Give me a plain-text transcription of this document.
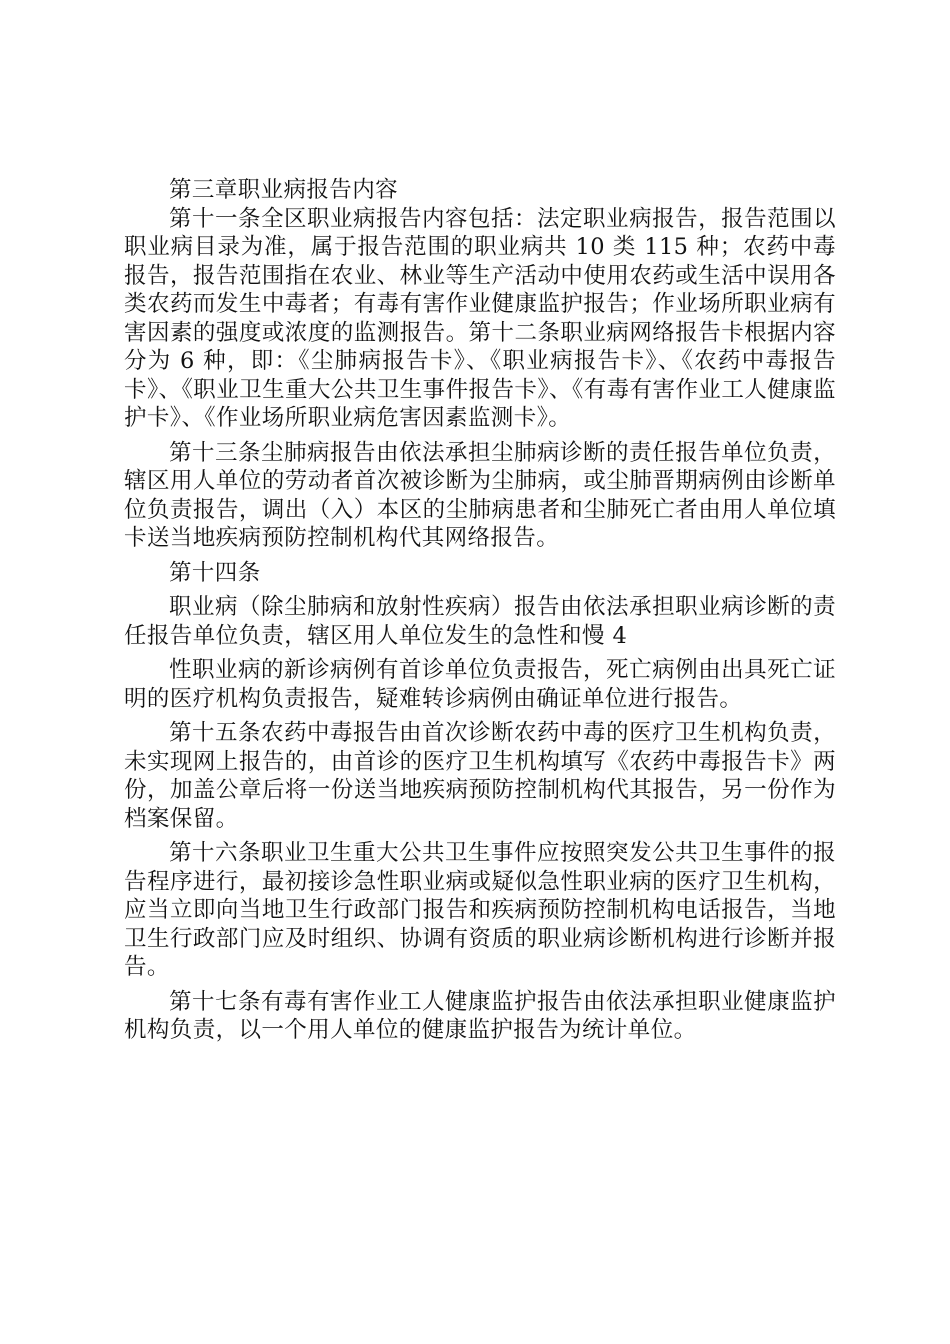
第三章职业病报告内容

第十一条全区职业病报告内容包括：法定职业病报告，报告范围以职业病目录为准，属于报告范围的职业病共 10 类 115 种；农药中毒报告，报告范围指在农业、林业等生产活动中使用农药或生活中误用各类农药而发生中毒者；有毒有害作业健康监护报告；作业场所职业病有害因素的强度或浓度的监测报告。第十二条职业病网络报告卡根据内容分为 6 种，即：《尘肺病报告卡》、《职业病报告卡》、《农药中毒报告卡》、《职业卫生重大公共卫生事件报告卡》、《有毒有害作业工人健康监护卡》、《作业场所职业病危害因素监测卡》。

第十三条尘肺病报告由依法承担尘肺病诊断的责任报告单位负责，辖区用人单位的劳动者首次被诊断为尘肺病，或尘肺晋期病例由诊断单位负责报告，调出（入）本区的尘肺病患者和尘肺死亡者由用人单位填卡送当地疾病预防控制机构代其网络报告。

第十四条

职业病（除尘肺病和放射性疾病）报告由依法承担职业病诊断的责任报告单位负责，辖区用人单位发生的急性和慢 4

性职业病的新诊病例有首诊单位负责报告，死亡病例由出具死亡证明的医疗机构负责报告，疑难转诊病例由确证单位进行报告。

第十五条农药中毒报告由首次诊断农药中毒的医疗卫生机构负责，未实现网上报告的，由首诊的医疗卫生机构填写《农药中毒报告卡》两份，加盖公章后将一份送当地疾病预防控制机构代其报告，另一份作为档案保留。

第十六条职业卫生重大公共卫生事件应按照突发公共卫生事件的报告程序进行，最初接诊急性职业病或疑似急性职业病的医疗卫生机构，应当立即向当地卫生行政部门报告和疾病预防控制机构电话报告，当地卫生行政部门应及时组织、协调有资质的职业病诊断机构进行诊断并报告。

第十七条有毒有害作业工人健康监护报告由依法承担职业健康监护机构负责，以一个用人单位的健康监护报告为统计单位。
